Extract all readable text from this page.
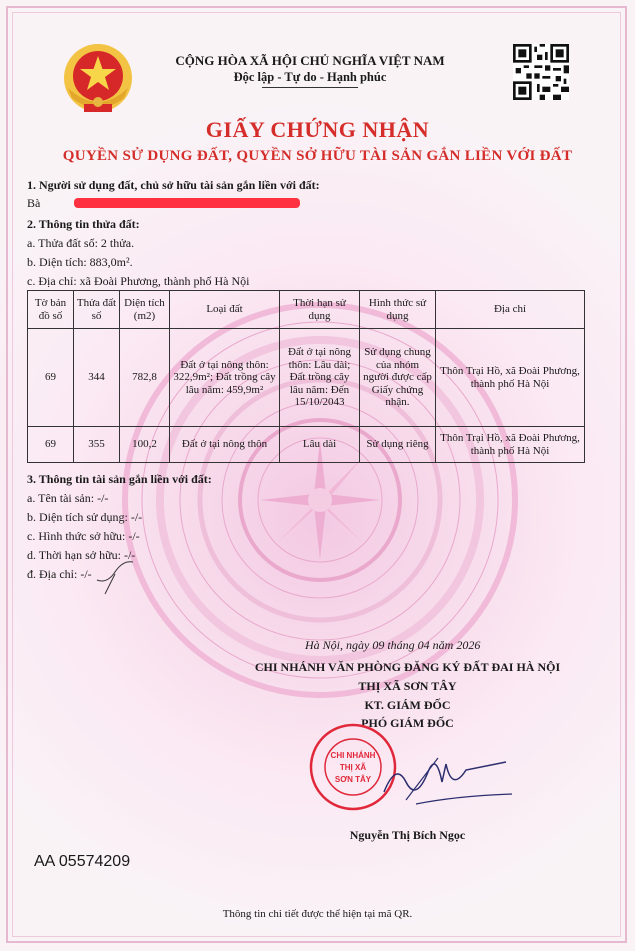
CỘNG HÒA XÃ HỘI CHỦ NGHĨA VIỆT NAM
Độc lập - Tự do - Hạnh phúc
GIẤY CHỨNG NHẬN
QUYỀN SỬ DỤNG ĐẤT, QUYỀN SỞ HỮU TÀI SẢN GẮN LIỀN VỚI ĐẤT
1. Người sử dụng đất, chủ sở hữu tài sản gắn liền với đất:
Bà
2. Thông tin thửa đất:
a. Thửa đất số: 2 thửa.
b. Diện tích: 883,0m².
c. Địa chỉ: xã Đoài Phương, thành phố Hà Nội
Tờ bản đồ số	Thửa đất số	Diện tích (m2)	Loại đất	Thời hạn sử dụng	Hình thức sử dụng	Địa chỉ
69	344	782,8	Đất ở tại nông thôn: 322,9m²; Đất trồng cây lâu năm: 459,9m²	Đất ở tại nông thôn: Lâu dài; Đất trồng cây lâu năm: Đến 15/10/2043	Sử dụng chung của nhóm người được cấp Giấy chứng nhận.	Thôn Trại Hồ, xã Đoài Phương, thành phố Hà Nội
69	355	100,2	Đất ở tại nông thôn	Lâu dài	Sử dụng riêng	Thôn Trại Hồ, xã Đoài Phương, thành phố Hà Nội
3. Thông tin tài sản gắn liền với đất:
a. Tên tài sản: -/-
b. Diện tích sử dụng: -/-
c. Hình thức sở hữu: -/-
d. Thời hạn sở hữu: -/-
đ. Địa chỉ: -/-
Hà Nội, ngày 09 tháng 04 năm 2026
CHI NHÁNH VĂN PHÒNG ĐĂNG KÝ ĐẤT ĐAI HÀ NỘI
THỊ XÃ SƠN TÂY
KT. GIÁM ĐỐC
PHÓ GIÁM ĐỐC
CHI NHÁNH
THỊ XÃ
SƠN TÂY
Nguyễn Thị Bích Ngọc
AA 05574209
Thông tin chi tiết được thể hiện tại mã QR.
